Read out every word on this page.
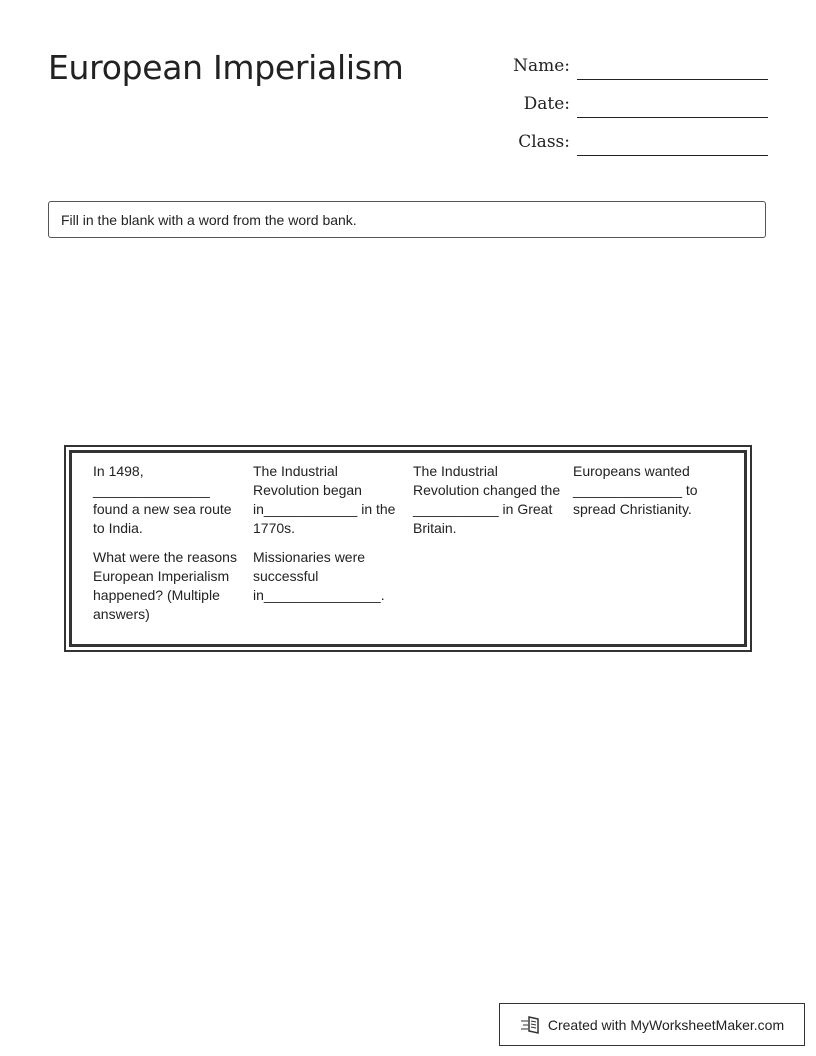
European Imperialism	Name:
Date:
Class:
Fill in the blank with a word from the word bank.
In 1498, _______________ found a new sea route to India.
The Industrial Revolution began in____________ in the 1770s.
The Industrial Revolution changed the ___________ in Great Britain.
Europeans wanted ______________ to spread Christianity.
What were the reasons European Imperialism happened? (Multiple answers)
Missionaries were successful in_______________.
Created with MyWorksheetMaker.com
